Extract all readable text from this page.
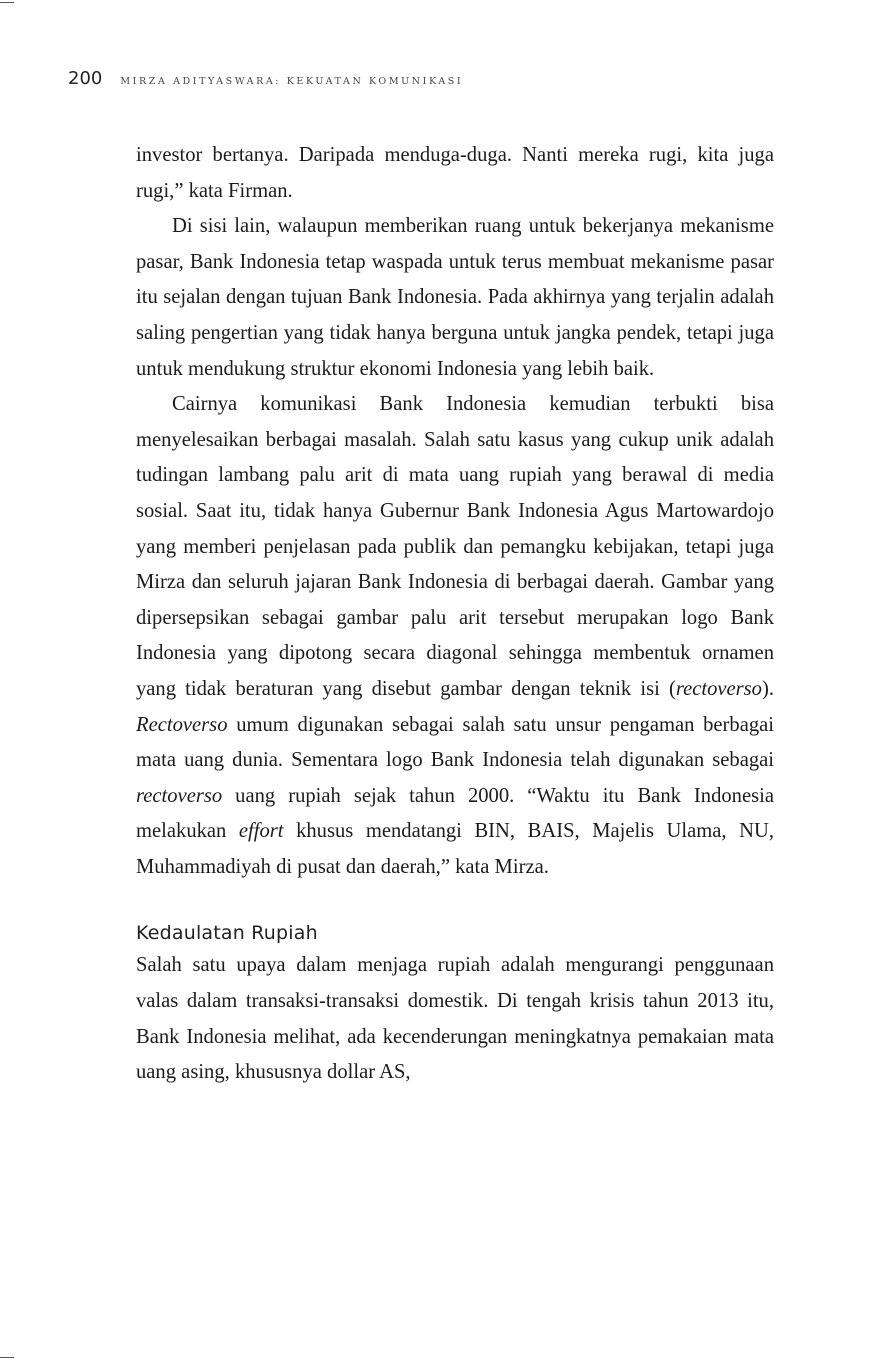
200 MIRZA ADITYASWARA: KEKUATAN KOMUNIKASI

investor bertanya. Daripada menduga-duga. Nanti mereka rugi, kita juga rugi,” kata Firman.

Di sisi lain, walaupun memberikan ruang untuk bekerjanya mekanisme pasar, Bank Indonesia tetap waspada untuk terus membuat mekanisme pasar itu sejalan dengan tujuan Bank Indonesia. Pada akhirnya yang terjalin adalah saling pengertian yang tidak hanya berguna untuk jangka pendek, tetapi juga untuk mendukung struktur ekonomi Indonesia yang lebih baik.

Cairnya komunikasi Bank Indonesia kemudian terbukti bisa menyelesaikan berbagai masalah. Salah satu kasus yang cukup unik adalah tudingan lambang palu arit di mata uang rupiah yang berawal di media sosial. Saat itu, tidak hanya Gubernur Bank Indonesia Agus Martowardojo yang memberi penjelasan pada publik dan pemangku kebijakan, tetapi juga Mirza dan seluruh jajaran Bank Indonesia di berbagai daerah. Gambar yang dipersepsikan sebagai gambar palu arit tersebut merupakan logo Bank Indonesia yang dipotong secara diagonal sehingga membentuk ornamen yang tidak beraturan yang disebut gambar dengan teknik isi (rectoverso). Rectoverso umum digunakan sebagai salah satu unsur pengaman berbagai mata uang dunia. Sementara logo Bank Indonesia telah digunakan sebagai rectoverso uang rupiah sejak tahun 2000. “Waktu itu Bank Indonesia melakukan effort khusus mendatangi BIN, BAIS, Majelis Ulama, NU, Muhammadiyah di pusat dan daerah,” kata Mirza.

Kedaulatan Rupiah

Salah satu upaya dalam menjaga rupiah adalah mengurangi penggunaan valas dalam transaksi-transaksi domestik. Di tengah krisis tahun 2013 itu, Bank Indonesia melihat, ada kecenderungan meningkatnya pemakaian mata uang asing, khususnya dollar AS,
